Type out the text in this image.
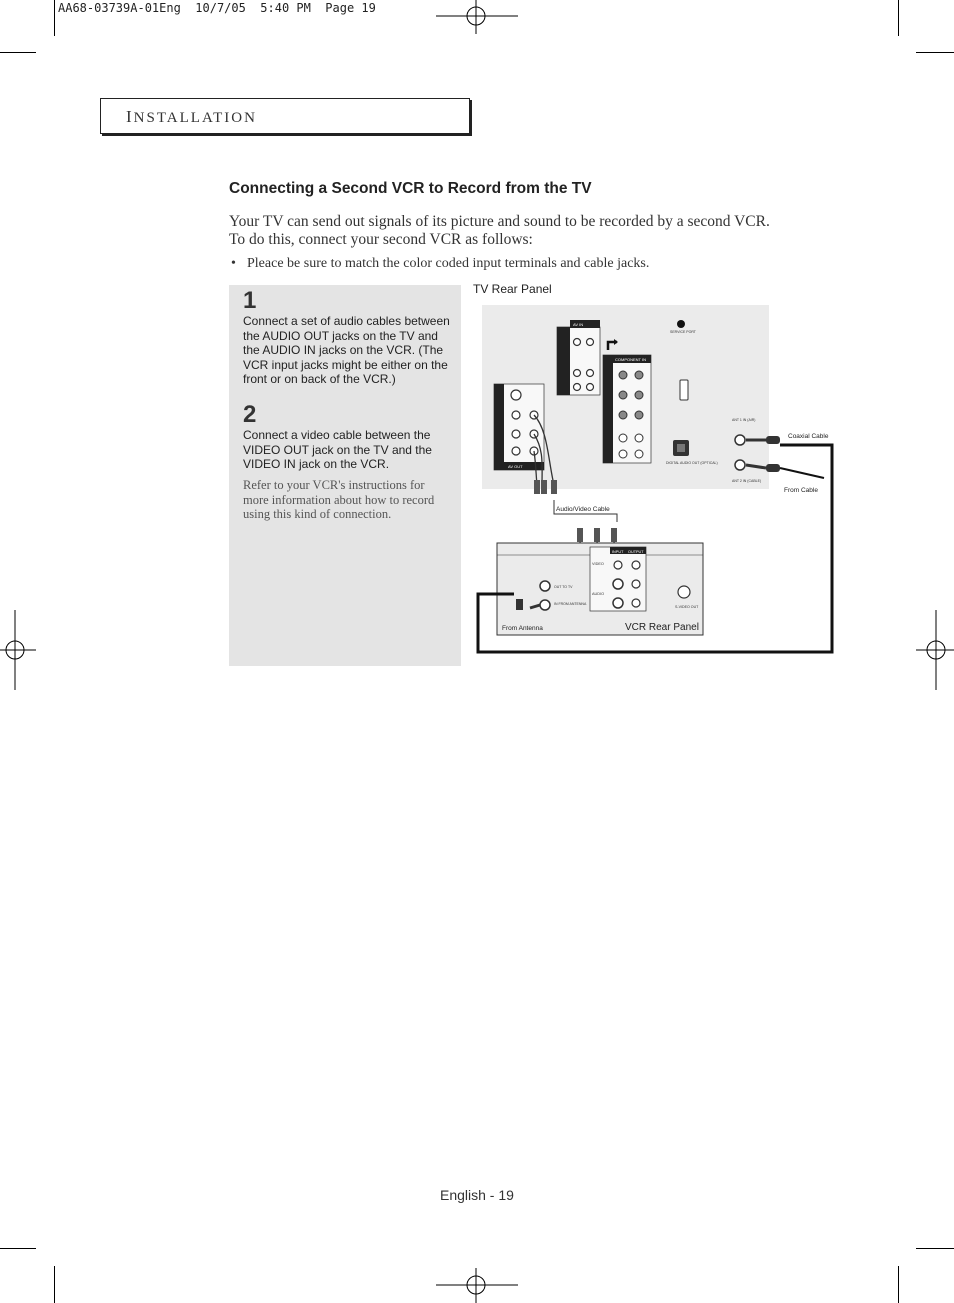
AA68-03739A-01Eng  10/7/05  5:40 PM  Page 19
INSTALLATION
Connecting a Second VCR to Record from the TV
Your TV can send out signals of its picture and sound to be recorded by a second VCR.
To do this, connect your second VCR as follows:
• Pleace be sure to match the color coded input terminals and cable jacks.
1
Connect a set of audio cables between the AUDIO OUT jacks on the TV and the AUDIO IN jacks on the VCR. (The VCR input jacks might be either on the front or on back of the VCR.)
2
Connect a video cable between the VIDEO OUT jack on the TV and the VIDEO IN jack on the VCR.
Refer to your VCR's instructions for more information about how to record using this kind of connection.
TV Rear Panel
AV IN
COMPONENT IN
SERVICE PORT
DIGITAL AUDIO OUT (OPTICAL)
ANT 1 IN (AIR)
ANT 2 IN (CABLE)
AV OUT
Audio/Video Cable
INPUT OUTPUT
VIDEO
AUDIO
S-VIDEO OUT
OUT TO TV
IN FROM ANTENNA
Coaxial Cable
From Cable
From Antenna	VCR Rear Panel
English - 19
